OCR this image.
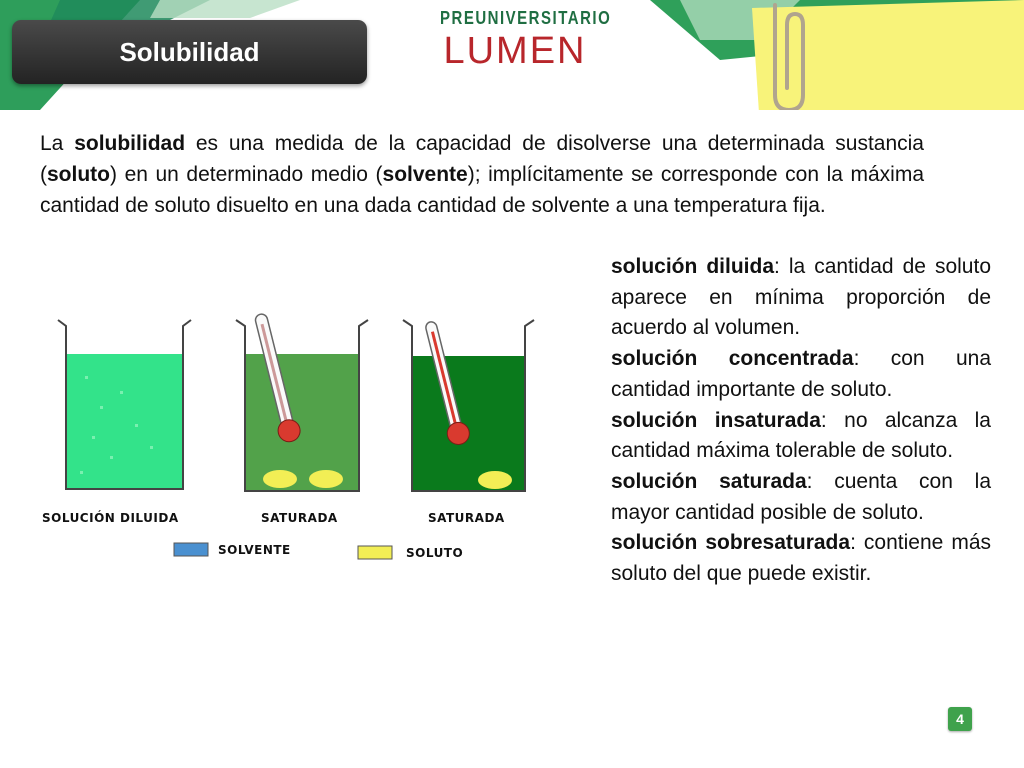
Solubilidad
PREUNIVERSITARIO
LUMEN

La solubilidad es una medida de la capacidad de disolverse una determinada sustancia (soluto) en un determinado medio (solvente); implícitamente se corresponde con la máxima cantidad de soluto disuelto en una dada cantidad de solvente a una temperatura fija.

SOLUCIÓN DILUIDA	SATURADA	SATURADA
SOLVENTE	SOLUTO

solución diluida: la cantidad de soluto aparece en mínima proporción de acuerdo al volumen.

solución concentrada: con una cantidad importante de soluto.

solución insaturada: no alcanza la cantidad máxima tolerable de soluto.

solución saturada: cuenta con la mayor cantidad posible de soluto.

solución sobresaturada: contiene más soluto del que puede existir.

4
